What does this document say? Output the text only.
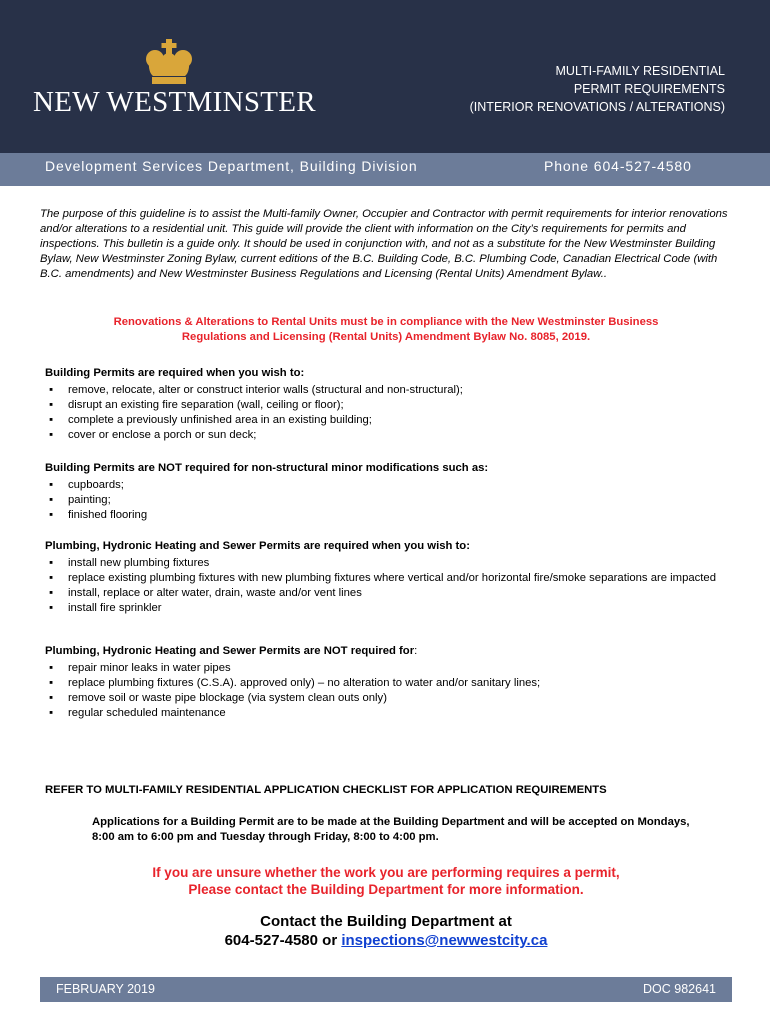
NEW WESTMINSTER
MULTI-FAMILY RESIDENTIAL
PERMIT REQUIREMENTS
(INTERIOR RENOVATIONS / ALTERATIONS)
Development Services Department, Building Division	Phone 604-527-4580
The purpose of this guideline is to assist the Multi-family Owner, Occupier and Contractor with permit requirements for interior renovations and/or alterations to a residential unit. This guide will provide the client with information on the City’s requirements for permits and inspections. This bulletin is a guide only. It should be used in conjunction with, and not as a substitute for the New Westminster Building Bylaw, New Westminster Zoning Bylaw, current editions of the B.C. Building Code, B.C. Plumbing Code, Canadian Electrical Code (with B.C. amendments) and New Westminster Business Regulations and Licensing (Rental Units) Amendment Bylaw..
Renovations & Alterations to Rental Units must be in compliance with the New Westminster Business
Regulations and Licensing (Rental Units) Amendment Bylaw No. 8085, 2019.
Building Permits are required when you wish to:
▪	remove, relocate, alter or construct interior walls (structural and non-structural);
▪	disrupt an existing fire separation (wall, ceiling or floor);
▪	complete a previously unfinished area in an existing building;
▪	cover or enclose a porch or sun deck;
Building Permits are NOT required for non-structural minor modifications such as:
▪	cupboards;
▪	painting;
▪	finished flooring
Plumbing, Hydronic Heating and Sewer Permits are required when you wish to:
▪	install new plumbing fixtures
▪	replace existing plumbing fixtures with new plumbing fixtures where vertical and/or horizontal fire/smoke separations are impacted
▪	install, replace or alter water, drain, waste and/or vent lines
▪	install fire sprinkler
Plumbing, Hydronic Heating and Sewer Permits are NOT required for:
▪	repair minor leaks in water pipes
▪	replace plumbing fixtures (C.S.A). approved only) – no alteration to water and/or sanitary lines;
▪	remove soil or waste pipe blockage (via system clean outs only)
▪	regular scheduled maintenance
REFER TO MULTI-FAMILY RESIDENTIAL APPLICATION CHECKLIST FOR APPLICATION REQUIREMENTS
Applications for a Building Permit are to be made at the Building Department and will be accepted on Mondays, 8:00 am to 6:00 pm and Tuesday through Friday, 8:00 to 4:00 pm.
If you are unsure whether the work you are performing requires a permit,
Please contact the Building Department for more information.
Contact the Building Department at
604-527-4580 or inspections@newwestcity.ca
FEBRUARY 2019	DOC 982641
